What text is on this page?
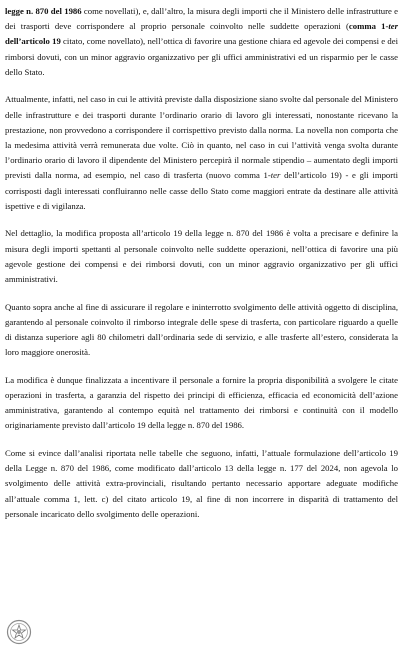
legge n. 870 del 1986 come novellati), e, dall’altro, la misura degli importi che il Ministero delle infrastrutture e dei trasporti deve corrispondere al proprio personale coinvolto nelle suddette operazioni (comma 1-ter dell’articolo 19 citato, come novellato), nell’ottica di favorire una gestione chiara ed agevole dei compensi e dei rimborsi dovuti, con un minor aggravio organizzativo per gli uffici amministrativi ed un risparmio per le casse dello Stato.

Attualmente, infatti, nel caso in cui le attività previste dalla disposizione siano svolte dal personale del Ministero delle infrastrutture e dei trasporti durante l’ordinario orario di lavoro gli interessati, nonostante ricevano la prestazione, non provvedono a corrispondere il corrispettivo previsto dalla norma. La novella non comporta che la medesima attività verrà remunerata due volte. Ciò in quanto, nel caso in cui l’attività venga svolta durante l’ordinario orario di lavoro il dipendente del Ministero percepirà il normale stipendio – aumentato degli importi previsti dalla norma, ad esempio, nel caso di trasferta (nuovo comma 1-ter dell’articolo 19) - e gli importi corrisposti dagli interessati confluiranno nelle casse dello Stato come maggiori entrate da destinare alle attività ispettive e di vigilanza.

Nel dettaglio, la modifica proposta all’articolo 19 della legge n. 870 del 1986 è volta a precisare e definire la misura degli importi spettanti al personale coinvolto nelle suddette operazioni, nell’ottica di favorire una più agevole gestione dei compensi e dei rimborsi dovuti, con un minor aggravio organizzativo per gli uffici amministrativi.

Quanto sopra anche al fine di assicurare il regolare e ininterrotto svolgimento delle attività oggetto di disciplina, garantendo al personale coinvolto il rimborso integrale delle spese di trasferta, con particolare riguardo a quelle di distanza superiore agli 80 chilometri dall’ordinaria sede di servizio, e alle trasferte all’estero, considerata la loro maggiore onerosità.

La modifica è dunque finalizzata a incentivare il personale a fornire la propria disponibilità a svolgere le citate operazioni in trasferta, a garanzia del rispetto dei principi di efficienza, efficacia ed economicità dell’azione amministrativa, garantendo al contempo equità nel trattamento dei rimborsi e continuità con il modello originariamente previsto dall’articolo 19 della legge n. 870 del 1986.

Come si evince dall’analisi riportata nelle tabelle che seguono, infatti, l’attuale formulazione dell’articolo 19 della Legge n. 870 del 1986, come modificato dall’articolo 13 della legge n. 177 del 2024, non agevola lo svolgimento delle attività extra-provinciali, risultando pertanto necessario apportare adeguate modifiche all’attuale comma 1, lett. c) del citato articolo 19, al fine di non incorrere in disparità di trattamento del personale incaricato dello svolgimento delle operazioni.
